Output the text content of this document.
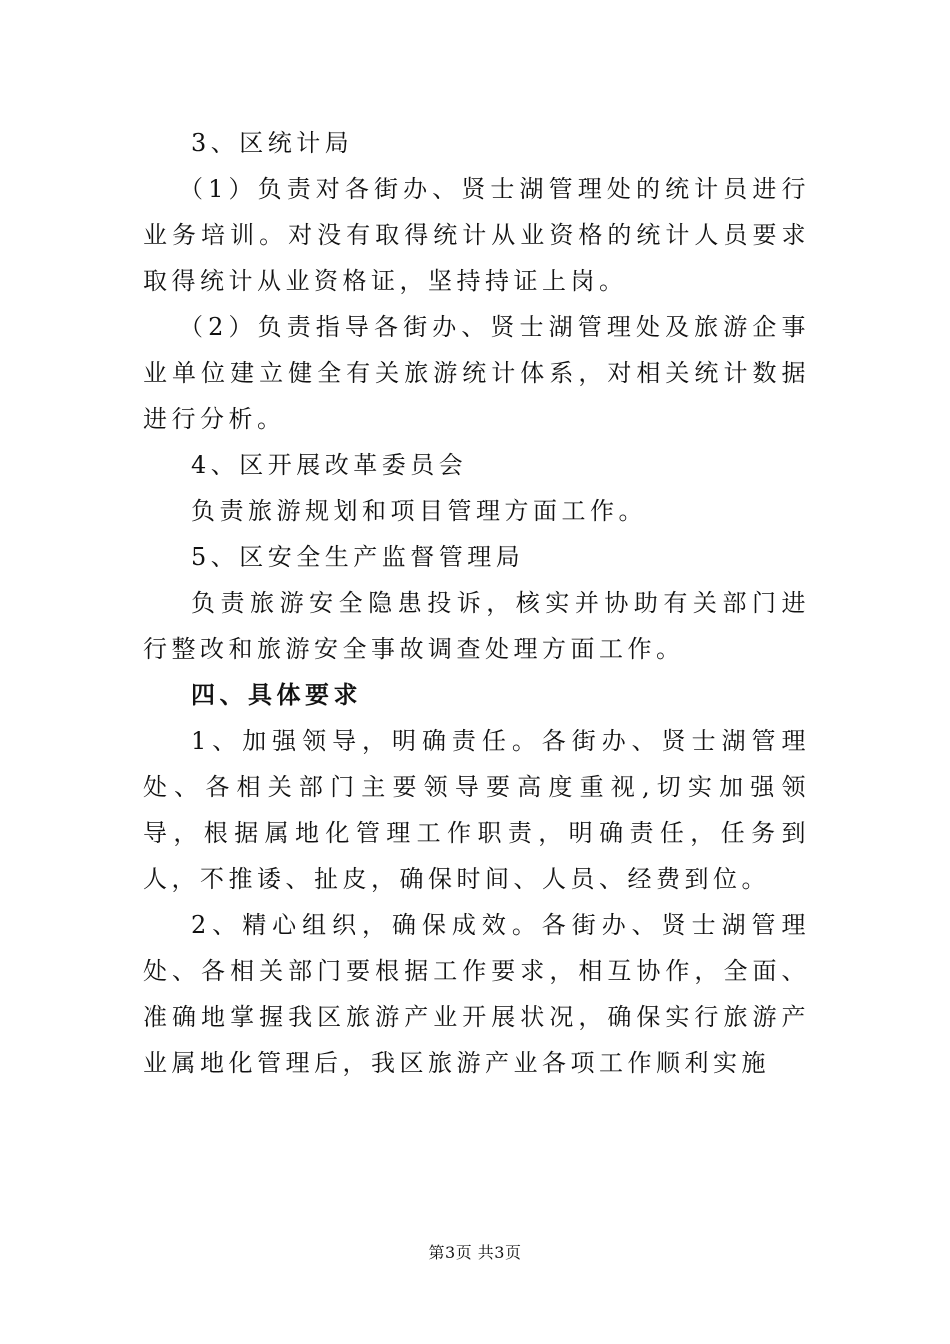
3、区统计局

（1）负责对各街办、贤士湖管理处的统计员进行业务培训。对没有取得统计从业资格的统计人员要求取得统计从业资格证，坚持持证上岗。

（2）负责指导各街办、贤士湖管理处及旅游企事业单位建立健全有关旅游统计体系，对相关统计数据进行分析。

4、区开展改革委员会

负责旅游规划和项目管理方面工作。

5、区安全生产监督管理局

负责旅游安全隐患投诉，核实并协助有关部门进行整改和旅游安全事故调查处理方面工作。

四、具体要求

1、加强领导，明确责任。各街办、贤士湖管理处、各相关部门主要领导要高度重视,切实加强领导，根据属地化管理工作职责，明确责任，任务到人，不推诿、扯皮，确保时间、人员、经费到位。

2、精心组织，确保成效。各街办、贤士湖管理处、各相关部门要根据工作要求，相互协作，全面、准确地掌握我区旅游产业开展状况，确保实行旅游产业属地化管理后，我区旅游产业各项工作顺利实施

第3页 共3页
